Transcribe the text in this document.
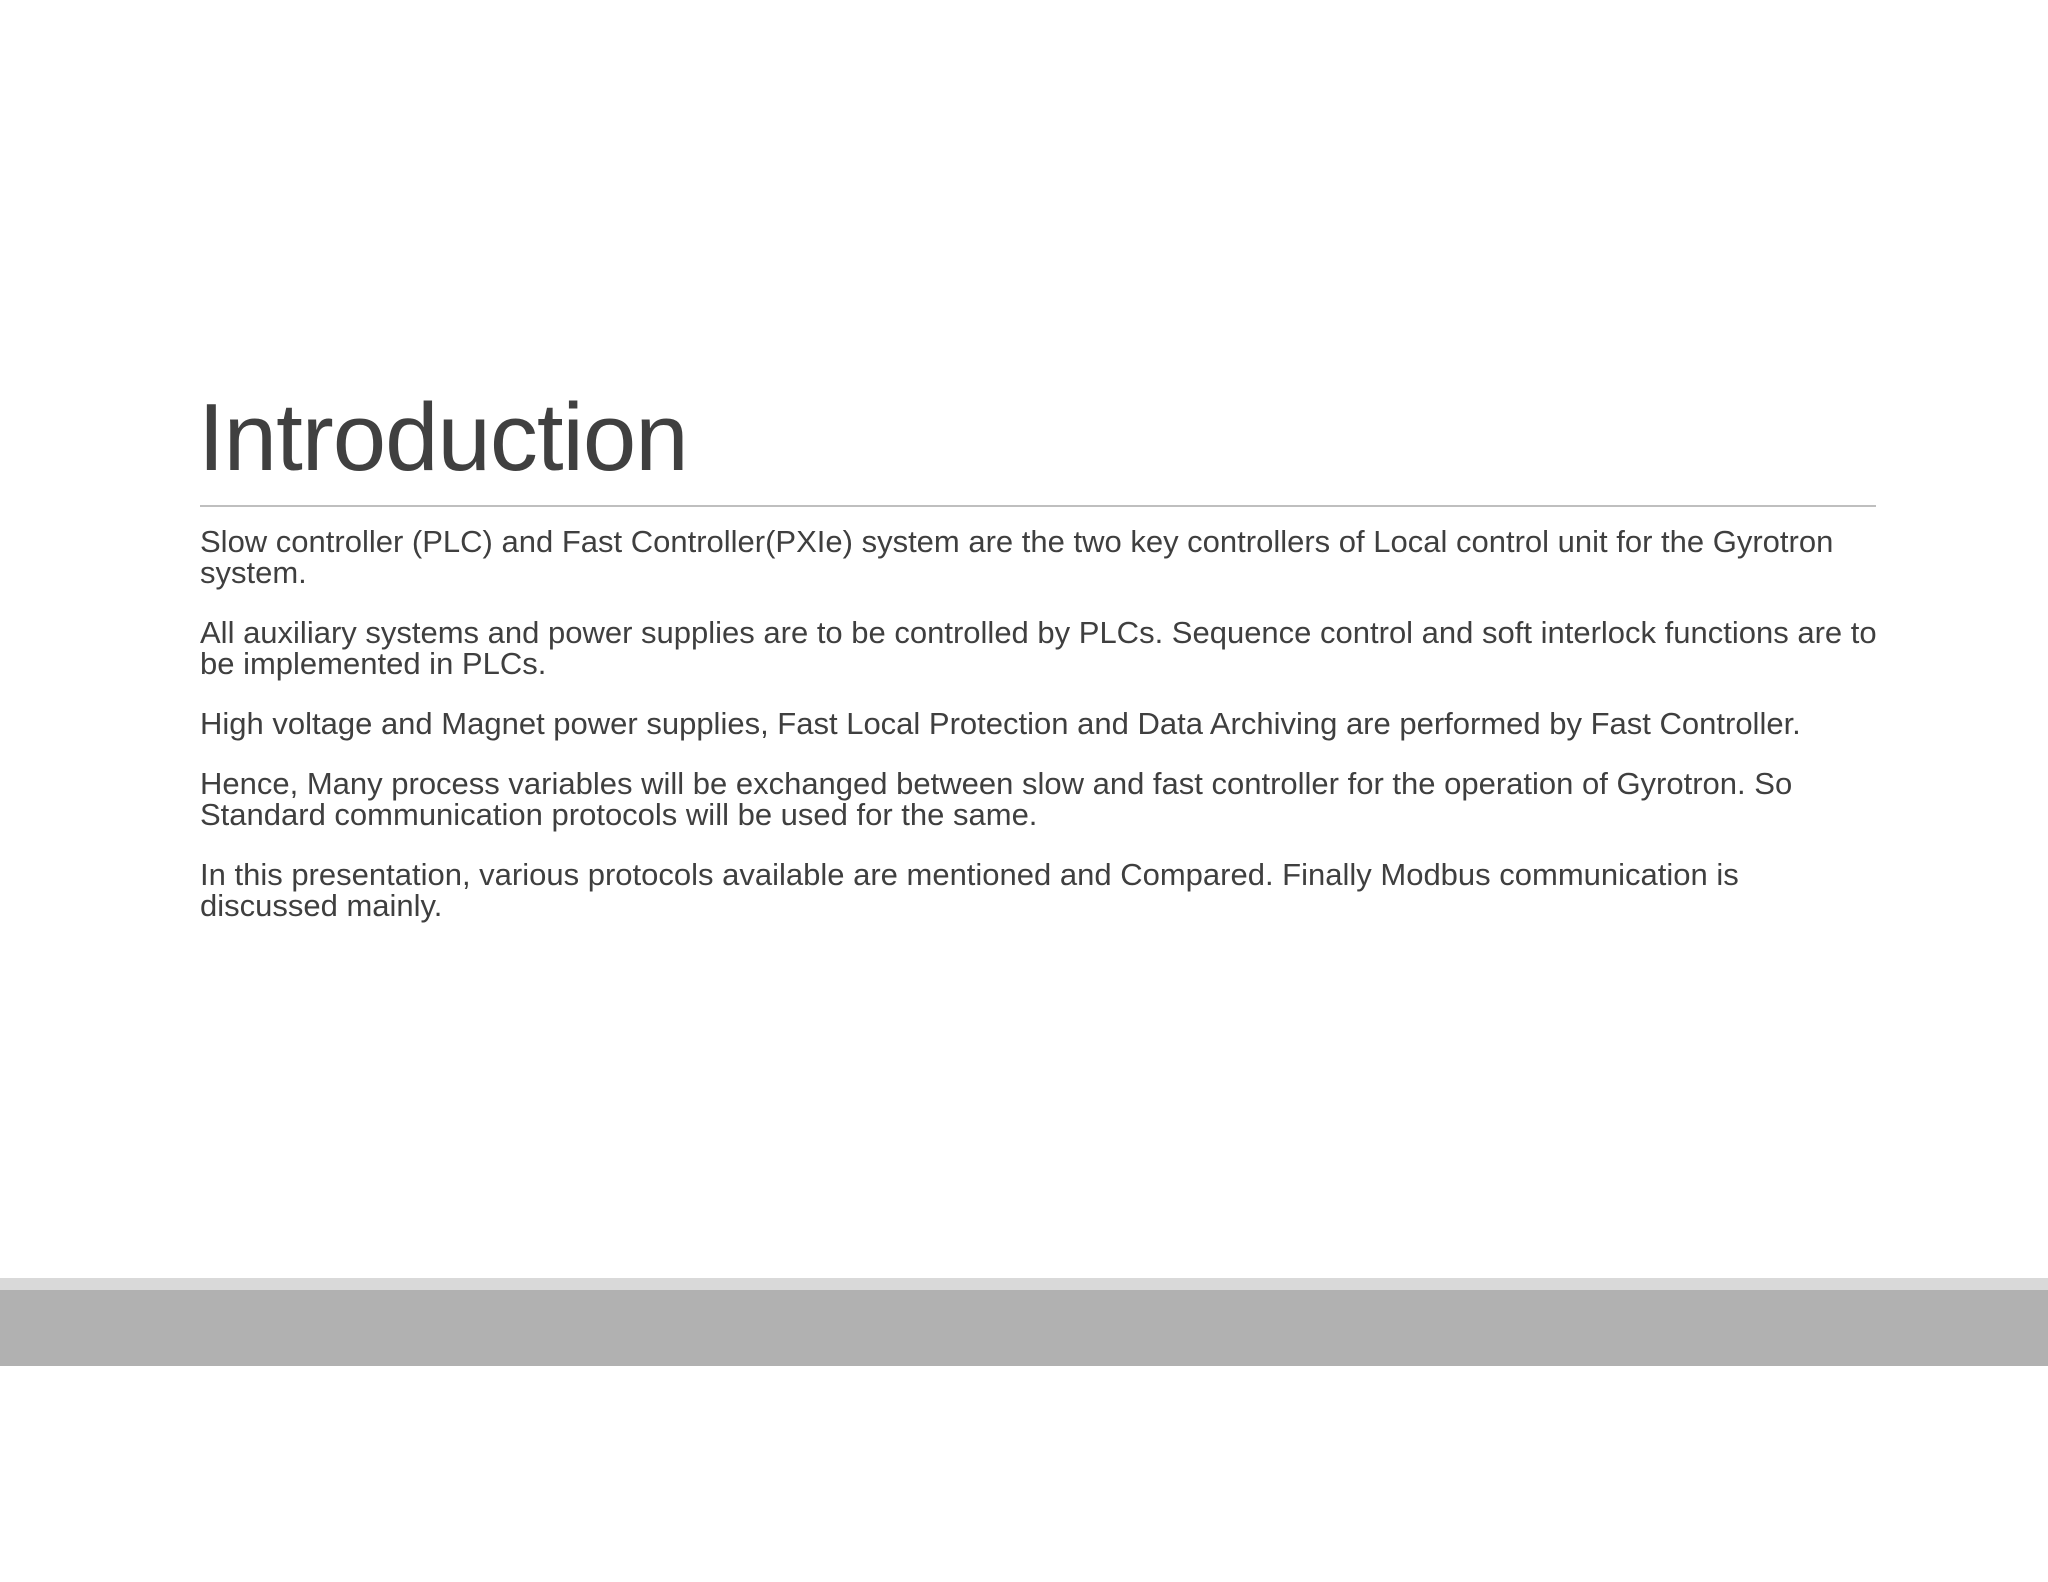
Introduction

Slow controller (PLC) and Fast Controller(PXIe) system are the two key controllers of Local control unit for the Gyrotron system.

All auxiliary systems and power supplies are to be controlled by PLCs. Sequence control and soft interlock functions are to be implemented in PLCs.

High voltage and Magnet power supplies, Fast Local Protection and Data Archiving are performed by Fast Controller.

Hence, Many process variables will be exchanged between slow and fast controller for the operation of Gyrotron. So Standard communication protocols will be used for the same.

In this presentation, various protocols available are mentioned and Compared. Finally Modbus communication is discussed mainly.
